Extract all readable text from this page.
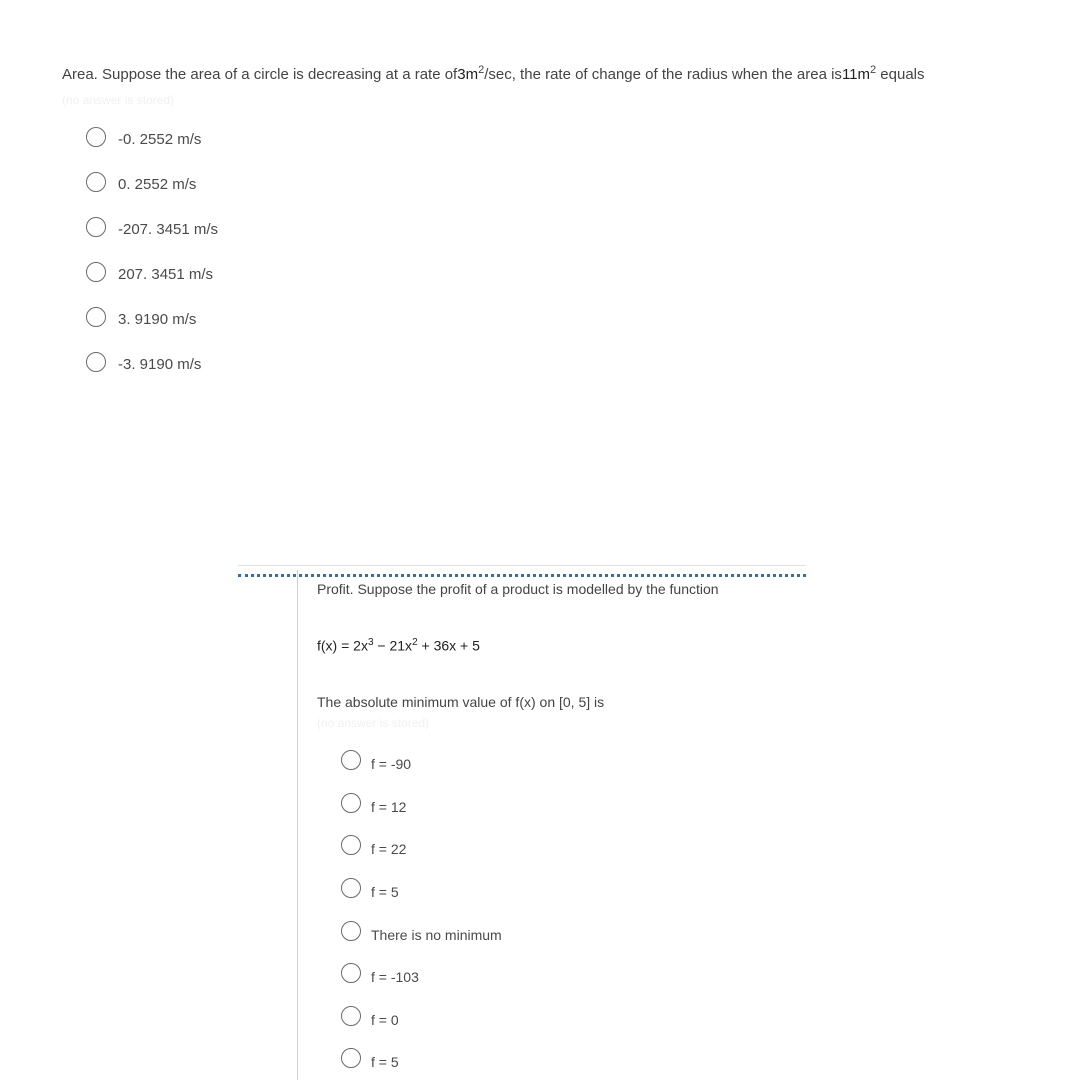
Area. Suppose the area of a circle is decreasing at a rate $of3m^2/\sec$, the rate of change of the radius when the area $is11m^2$ equals
(no answer is stored)
-0. 2552 m/s
0. 2552 m/s
-207. 3451 m/s
207. 3451 m/s
3. 9190 m/s
-3. 9190 m/s
Profit. Suppose the profit of a product is modelled by the function
$f(x) = 2x^3 - 21x^2 + 36x + 5$
The absolute minimum value of f(x) on [0, 5] is
(no answer is stored)
f = -90
f = 12
f = 22
f = 5
There is no minimum
f = -103
f = 0
f = 5
